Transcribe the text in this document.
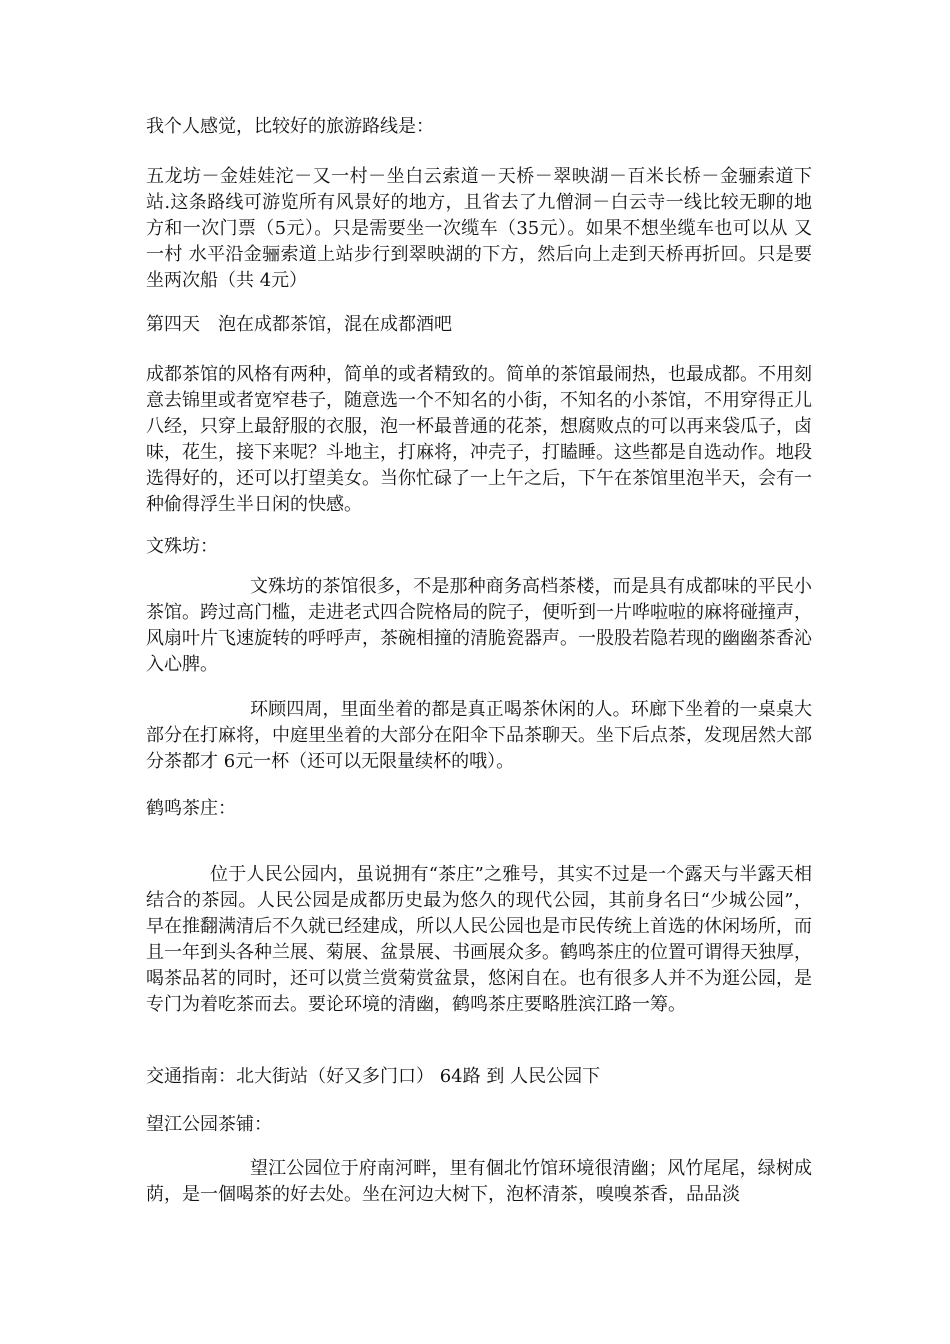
我个人感觉，比较好的旅游路线是：

五龙坊－金娃娃沱－又一村－坐白云索道－天桥－翠映湖－百米长桥－金骊索道下站.这条路线可游览所有风景好的地方，且省去了九僧洞－白云寺一线比较无聊的地方和一次门票（5元）。只是需要坐一次缆车（35元）。如果不想坐缆车也可以从 又一村 水平沿金骊索道上站步行到翠映湖的下方，然后向上走到天桥再折回。只是要坐两次船（共 4元）

第四天　泡在成都茶馆，混在成都酒吧

成都茶馆的风格有两种，简单的或者精致的。简单的茶馆最闹热，也最成都。不用刻意去锦里或者宽窄巷子，随意选一个不知名的小街，不知名的小茶馆，不用穿得正儿八经，只穿上最舒服的衣服，泡一杯最普通的花茶，想腐败点的可以再来袋瓜子，卤味，花生，接下来呢？斗地主，打麻将，冲壳子，打瞌睡。这些都是自选动作。地段选得好的，还可以打望美女。当你忙碌了一上午之后，下午在茶馆里泡半天，会有一种偷得浮生半日闲的快感。

文殊坊：

文殊坊的茶馆很多，不是那种商务高档茶楼，而是具有成都味的平民小茶馆。跨过高门槛，走进老式四合院格局的院子，便听到一片哗啦啦的麻将碰撞声，风扇叶片飞速旋转的呼呼声，茶碗相撞的清脆瓷器声。一股股若隐若现的幽幽茶香沁入心脾。

环顾四周，里面坐着的都是真正喝茶休闲的人。环廊下坐着的一桌桌大部分在打麻将，中庭里坐着的大部分在阳伞下品茶聊天。坐下后点茶，发现居然大部分茶都才 6元一杯（还可以无限量续杯的哦）。

鹤鸣茶庄：

位于人民公园内，虽说拥有“茶庄”之雅号，其实不过是一个露天与半露天相结合的茶园。人民公园是成都历史最为悠久的现代公园，其前身名曰“少城公园”，早在推翻满清后不久就已经建成，所以人民公园也是市民传统上首选的休闲场所，而且一年到头各种兰展、菊展、盆景展、书画展众多。鹤鸣茶庄的位置可谓得天独厚，喝茶品茗的同时，还可以赏兰赏菊赏盆景，悠闲自在。也有很多人并不为逛公园，是专门为着吃茶而去。要论环境的清幽，鹤鸣茶庄要略胜滨江路一筹。

交通指南：北大街站（好又多门口） 64路 到 人民公园下

望江公园茶铺：

望江公园位于府南河畔，里有個北竹馆环境很清幽；风竹尾尾，绿树成荫，是一個喝茶的好去处。坐在河边大树下，泡杯清茶，嗅嗅茶香，品品淡
